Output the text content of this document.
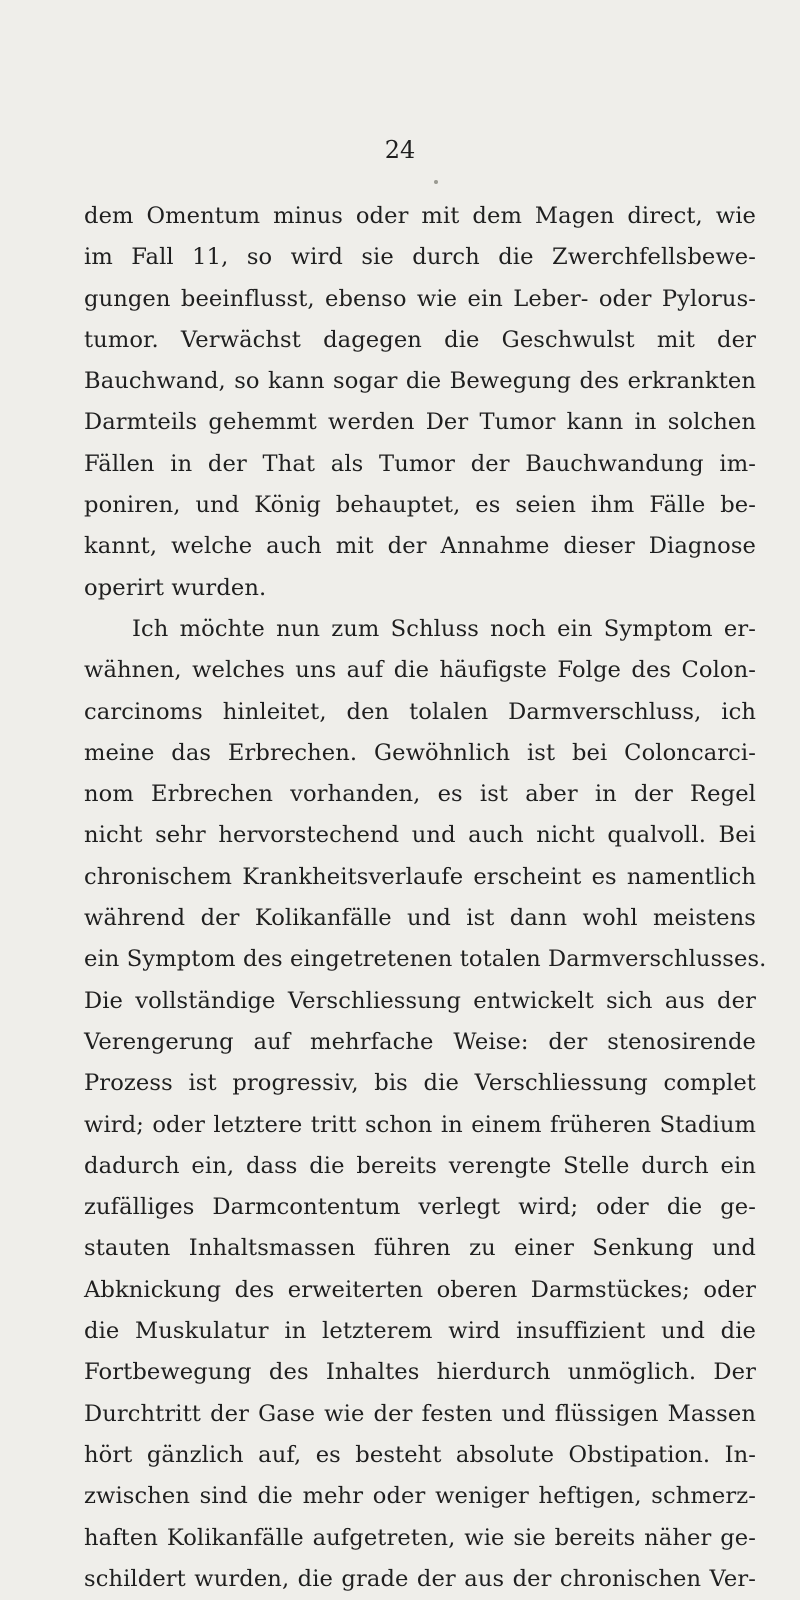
24
dem Omentum minus oder mit dem Magen direct, wie
im Fall 11, so wird sie durch die Zwerchfellsbewe-
gungen beeinflusst, ebenso wie ein Leber- oder Pylorus-
tumor. Verwächst dagegen die Geschwulst mit der
Bauchwand, so kann sogar die Bewegung des erkrankten
Darmteils gehemmt werden Der Tumor kann in solchen
Fällen in der That als Tumor der Bauchwandung im-
poniren, und König behauptet, es seien ihm Fälle be-
kannt, welche auch mit der Annahme dieser Diagnose
operirt wurden.
Ich möchte nun zum Schluss noch ein Symptom er-
wähnen, welches uns auf die häufigste Folge des Colon-
carcinoms hinleitet, den tolalen Darmverschluss, ich
meine das Erbrechen. Gewöhnlich ist bei Coloncarci-
nom Erbrechen vorhanden, es ist aber in der Regel
nicht sehr hervorstechend und auch nicht qualvoll. Bei
chronischem Krankheitsverlaufe erscheint es namentlich
während der Kolikanfälle und ist dann wohl meistens
ein Symptom des eingetretenen totalen Darmverschlusses.
Die vollständige Verschliessung entwickelt sich aus der
Verengerung auf mehrfache Weise: der stenosirende
Prozess ist progressiv, bis die Verschliessung complet
wird; oder letztere tritt schon in einem früheren Stadium
dadurch ein, dass die bereits verengte Stelle durch ein
zufälliges Darmcontentum verlegt wird; oder die ge-
stauten Inhaltsmassen führen zu einer Senkung und
Abknickung des erweiterten oberen Darmstückes; oder
die Muskulatur in letzterem wird insuffizient und die
Fortbewegung des Inhaltes hierdurch unmöglich. Der
Durchtritt der Gase wie der festen und flüssigen Massen
hört gänzlich auf, es besteht absolute Obstipation. In-
zwischen sind die mehr oder weniger heftigen, schmerz-
haften Kolikanfälle aufgetreten, wie sie bereits näher ge-
schildert wurden, die grade der aus der chronischen Ver-
